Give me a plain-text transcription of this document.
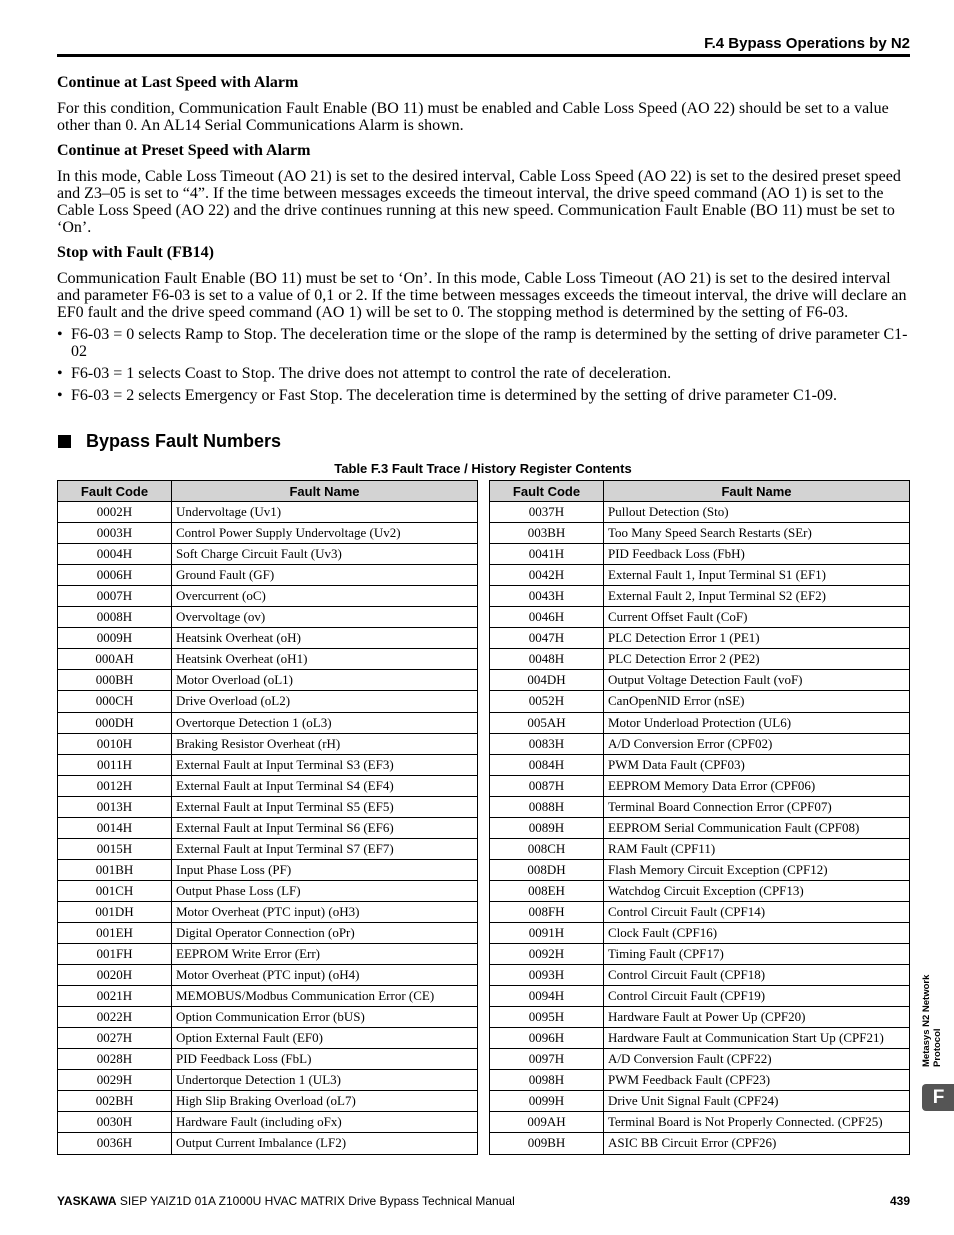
F.4 Bypass Operations by N2
Continue at Last Speed with Alarm

For this condition, Communication Fault Enable (BO 11) must be enabled and Cable Loss Speed (AO 22) should be set to a value other than 0. An AL14 Serial Communications Alarm is shown.

Continue at Preset Speed with Alarm

In this mode, Cable Loss Timeout (AO 21) is set to the desired interval, Cable Loss Speed (AO 22) is set to the desired preset speed and Z3–05 is set to “4”. If the time between messages exceeds the timeout interval, the drive speed command (AO 1) is set to the Cable Loss Speed (AO 22) and the drive continues running at this new speed. Communication Fault Enable (BO 11) must be set to ‘On’.

Stop with Fault (FB14)

Communication Fault Enable (BO 11) must be set to ‘On’. In this mode, Cable Loss Timeout (AO 21) is set to the desired interval and parameter F6-03 is set to a value of 0,1 or 2. If the time between messages exceeds the timeout interval, the drive will declare an EF0 fault and the drive speed command (AO 1) will be set to 0. The stopping method is determined by the setting of F6-03.

• F6-03 = 0 selects Ramp to Stop. The deceleration time or the slope of the ramp is determined by the setting of drive parameter C1-02
• F6-03 = 1 selects Coast to Stop. The drive does not attempt to control the rate of deceleration.
• F6-03 = 2 selects Emergency or Fast Stop. The deceleration time is determined by the setting of drive parameter C1-09.
Bypass Fault Numbers
Table F.3 Fault Trace / History Register Contents
Fault Code	Fault Name
0002H	Undervoltage (Uv1)
0003H	Control Power Supply Undervoltage (Uv2)
0004H	Soft Charge Circuit Fault (Uv3)
0006H	Ground Fault (GF)
0007H	Overcurrent (oC)
0008H	Overvoltage (ov)
0009H	Heatsink Overheat (oH)
000AH	Heatsink Overheat (oH1)
000BH	Motor Overload (oL1)
000CH	Drive Overload (oL2)
000DH	Overtorque Detection 1 (oL3)
0010H	Braking Resistor Overheat (rH)
0011H	External Fault at Input Terminal S3 (EF3)
0012H	External Fault at Input Terminal S4 (EF4)
0013H	External Fault at Input Terminal S5 (EF5)
0014H	External Fault at Input Terminal S6 (EF6)
0015H	External Fault at Input Terminal S7 (EF7)
001BH	Input Phase Loss (PF)
001CH	Output Phase Loss (LF)
001DH	Motor Overheat (PTC input) (oH3)
001EH	Digital Operator Connection (oPr)
001FH	EEPROM Write Error (Err)
0020H	Motor Overheat (PTC input) (oH4)
0021H	MEMOBUS/Modbus Communication Error (CE)
0022H	Option Communication Error (bUS)
0027H	Option External Fault (EF0)
0028H	PID Feedback Loss (FbL)
0029H	Undertorque Detection 1 (UL3)
002BH	High Slip Braking Overload (oL7)
0030H	Hardware Fault (including oFx)
0036H	Output Current Imbalance (LF2)
Fault Code	Fault Name
0037H	Pullout Detection (Sto)
003BH	Too Many Speed Search Restarts (SEr)
0041H	PID Feedback Loss (FbH)
0042H	External Fault 1, Input Terminal S1 (EF1)
0043H	External Fault 2, Input Terminal S2 (EF2)
0046H	Current Offset Fault (CoF)
0047H	PLC Detection Error 1 (PE1)
0048H	PLC Detection Error 2 (PE2)
004DH	Output Voltage Detection Fault (voF)
0052H	CanOpenNID Error (nSE)
005AH	Motor Underload Protection (UL6)
0083H	A/D Conversion Error (CPF02)
0084H	PWM Data Fault (CPF03)
0087H	EEPROM Memory Data Error (CPF06)
0088H	Terminal Board Connection Error (CPF07)
0089H	EEPROM Serial Communication Fault (CPF08)
008CH	RAM Fault (CPF11)
008DH	Flash Memory Circuit Exception (CPF12)
008EH	Watchdog Circuit Exception (CPF13)
008FH	Control Circuit Fault (CPF14)
0091H	Clock Fault (CPF16)
0092H	Timing Fault (CPF17)
0093H	Control Circuit Fault (CPF18)
0094H	Control Circuit Fault (CPF19)
0095H	Hardware Fault at Power Up (CPF20)
0096H	Hardware Fault at Communication Start Up (CPF21)
0097H	A/D Conversion Fault (CPF22)
0098H	PWM Feedback Fault (CPF23)
0099H	Drive Unit Signal Fault (CPF24)
009AH	Terminal Board is Not Properly Connected. (CPF25)
009BH	ASIC BB Circuit Error (CPF26)
Metasys N2 Network Protocol
F
YASKAWA SIEP YAIZ1D 01A Z1000U HVAC MATRIX Drive Bypass Technical Manual	439
